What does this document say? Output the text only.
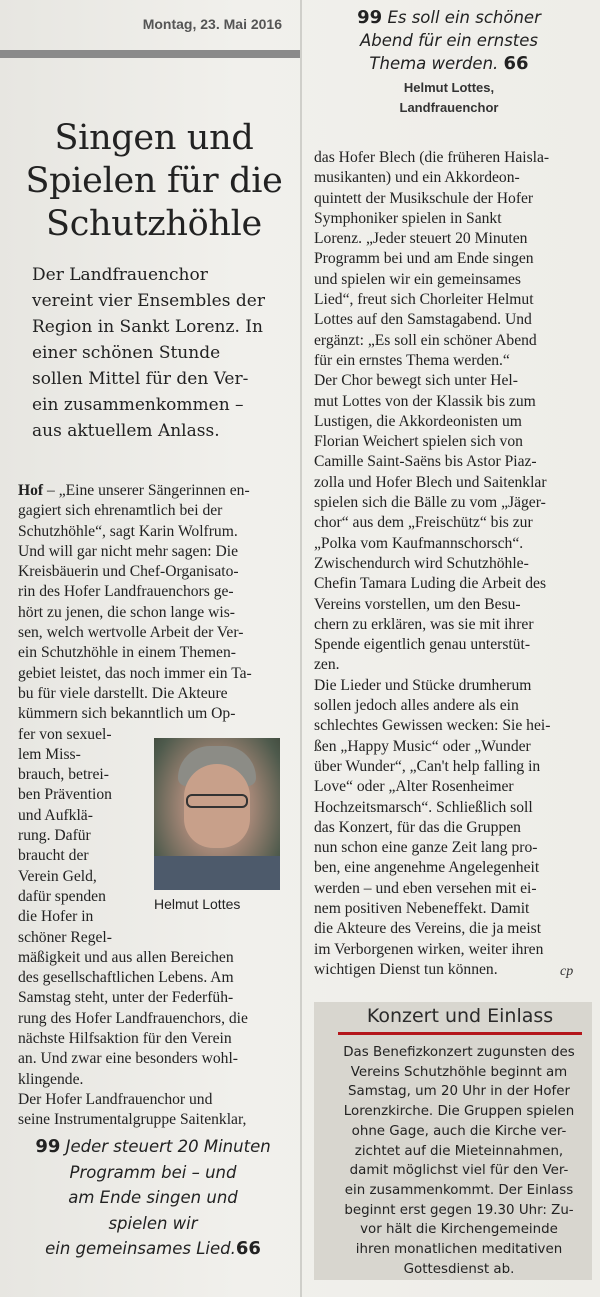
Montag, 23. Mai 2016	99 Es soll ein schöner
Abend für ein ernstes
Thema werden. 66
Helmut Lottes,
Landfrauenchor
Singen und Spielen für die Schutzhöhle
Der Landfrauenchor
vereint vier Ensembles der
Region in Sankt Lorenz. In
einer schönen Stunde
sollen Mittel für den Ver-
ein zusammenkommen –
aus aktuellem Anlass.
Hof – „Eine unserer Sängerinnen en-
gagiert sich ehrenamtlich bei der
Schutzhöhle“, sagt Karin Wolfrum.
Und will gar nicht mehr sagen: Die
Kreisbäuerin und Chef-Organisato-
rin des Hofer Landfrauenchors ge-
hört zu jenen, die schon lange wis-
sen, welch wertvolle Arbeit der Ver-
ein Schutzhöhle in einem Themen-
gebiet leistet, das noch immer ein Ta-
bu für viele darstellt. Die Akteure
kümmern sich bekanntlich um Op-
fer von sexuel-
lem Miss-
brauch, betrei-
ben Prävention
und Aufklä-
rung. Dafür
braucht der
Verein Geld,
dafür spenden
die Hofer in
schöner Regel-
mäßigkeit und aus allen Bereichen
des gesellschaftlichen Lebens. Am
Samstag steht, unter der Federfüh-
rung des Hofer Landfrauenchors, die
nächste Hilfsaktion für den Verein
an. Und zwar eine besonders wohl-
klingende.
Der Hofer Landfrauenchor und
seine Instrumentalgruppe Saitenklar,
Helmut Lottes
99 Jeder steuert 20 Minuten
Programm bei – und
am Ende singen und
spielen wir
ein gemeinsames Lied.66
das Hofer Blech (die früheren Haisla-
musikanten) und ein Akkordeon-
quintett der Musikschule der Hofer
Symphoniker spielen in Sankt
Lorenz. „Jeder steuert 20 Minuten
Programm bei und am Ende singen
und spielen wir ein gemeinsames
Lied“, freut sich Chorleiter Helmut
Lottes auf den Samstagabend. Und
ergänzt: „Es soll ein schöner Abend
für ein ernstes Thema werden.“
Der Chor bewegt sich unter Hel-
mut Lottes von der Klassik bis zum
Lustigen, die Akkordeonisten um
Florian Weichert spielen sich von
Camille Saint-Saëns bis Astor Piaz-
zolla und Hofer Blech und Saitenklar
spielen sich die Bälle zu vom „Jäger-
chor“ aus dem „Freischütz“ bis zur
„Polka vom Kaufmannschorsch“.
Zwischendurch wird Schutzhöhle-
Chefin Tamara Luding die Arbeit des
Vereins vorstellen, um den Besu-
chern zu erklären, was sie mit ihrer
Spende eigentlich genau unterstüt-
zen.
Die Lieder und Stücke drumherum
sollen jedoch alles andere als ein
schlechtes Gewissen wecken: Sie hei-
ßen „Happy Music“ oder „Wunder
über Wunder“, „Can't help falling in
Love“ oder „Alter Rosenheimer
Hochzeitsmarsch“. Schließlich soll
das Konzert, für das die Gruppen
nun schon eine ganze Zeit lang pro-
ben, eine angenehme Angelegenheit
werden – und eben versehen mit ei-
nem positiven Nebeneffekt. Damit
die Akteure des Vereins, die ja meist
im Verborgenen wirken, weiter ihren
wichtigen Dienst tun können.	cp
Konzert und Einlass
Das Benefizkonzert zugunsten des
Vereins Schutzhöhle beginnt am
Samstag, um 20 Uhr in der Hofer
Lorenzkirche. Die Gruppen spielen
ohne Gage, auch die Kirche ver-
zichtet auf die Mieteinnahmen,
damit möglichst viel für den Ver-
ein zusammenkommt. Der Einlass
beginnt erst gegen 19.30 Uhr: Zu-
vor hält die Kirchengemeinde
ihren monatlichen meditativen
Gottesdienst ab.
